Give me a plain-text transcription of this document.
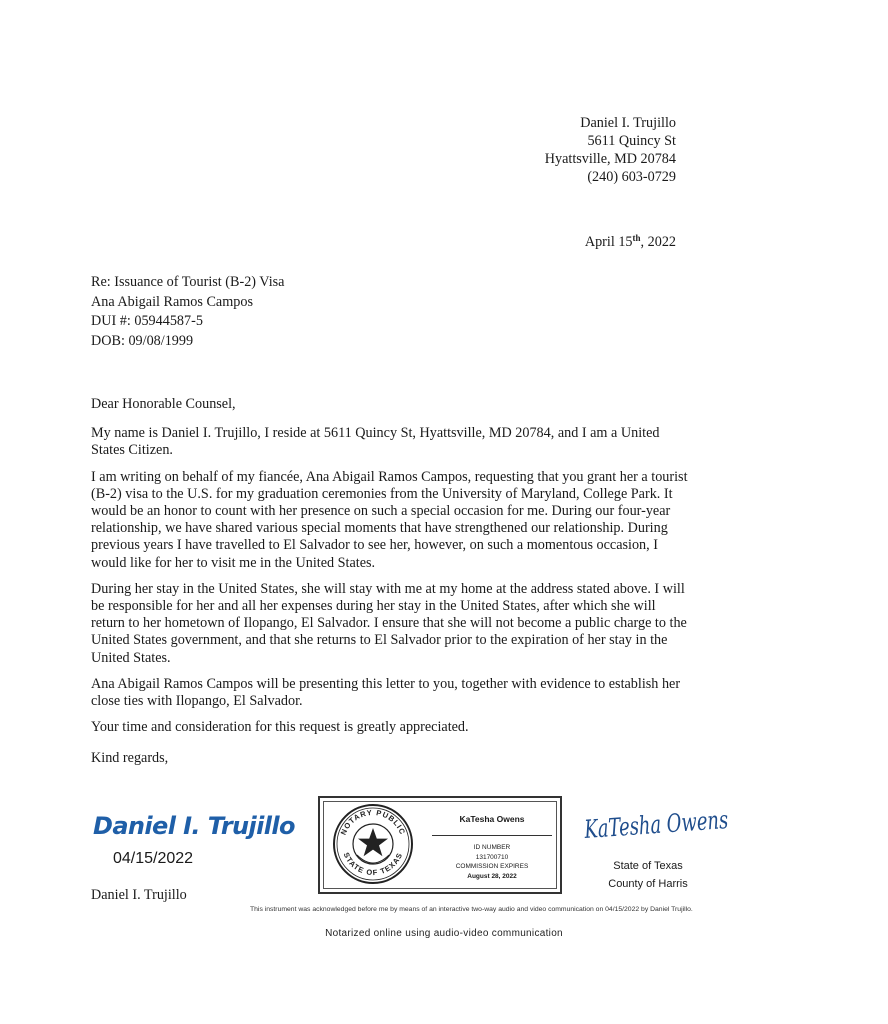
Daniel I. Trujillo
5611 Quincy St
Hyattsville, MD 20784
(240) 603-0729
April 15th, 2022
Re: Issuance of Tourist (B-2) Visa
Ana Abigail Ramos Campos
DUI #: 05944587-5
DOB: 09/08/1999

Dear Honorable Counsel,

My name is Daniel I. Trujillo, I reside at 5611 Quincy St, Hyattsville, MD 20784, and I am a United States Citizen.

I am writing on behalf of my fiancée, Ana Abigail Ramos Campos, requesting that you grant her a tourist (B-2) visa to the U.S. for my graduation ceremonies from the University of Maryland, College Park. It would be an honor to count with her presence on such a special occasion for me. During our four-year relationship, we have shared various special moments that have strengthened our relationship. During previous years I have travelled to El Salvador to see her, however, on such a momentous occasion, I would like for her to visit me in the United States.

During her stay in the United States, she will stay with me at my home at the address stated above. I will be responsible for her and all her expenses during her stay in the United States, after which she will return to her hometown of Ilopango, El Salvador. I ensure that she will not become a public charge to the United States government, and that she returns to El Salvador prior to the expiration of her stay in the United States.

Ana Abigail Ramos Campos will be presenting this letter to you, together with evidence to establish her close ties with Ilopango, El Salvador.

Your time and consideration for this request is greatly appreciated.

Kind regards,

Daniel I. Trujillo
04/15/2022
Daniel I. Trujillo
NOTARY PUBLIC
STATE OF TEXAS
KaTesha Owens
ID NUMBER
131700710
COMMISSION EXPIRES
August 28, 2022
KaTesha Owens
State of Texas
County of Harris
This instrument was acknowledged before me by means of an interactive two-way audio and video communication on 04/15/2022 by Daniel Trujillo.
Notarized online using audio-video communication
